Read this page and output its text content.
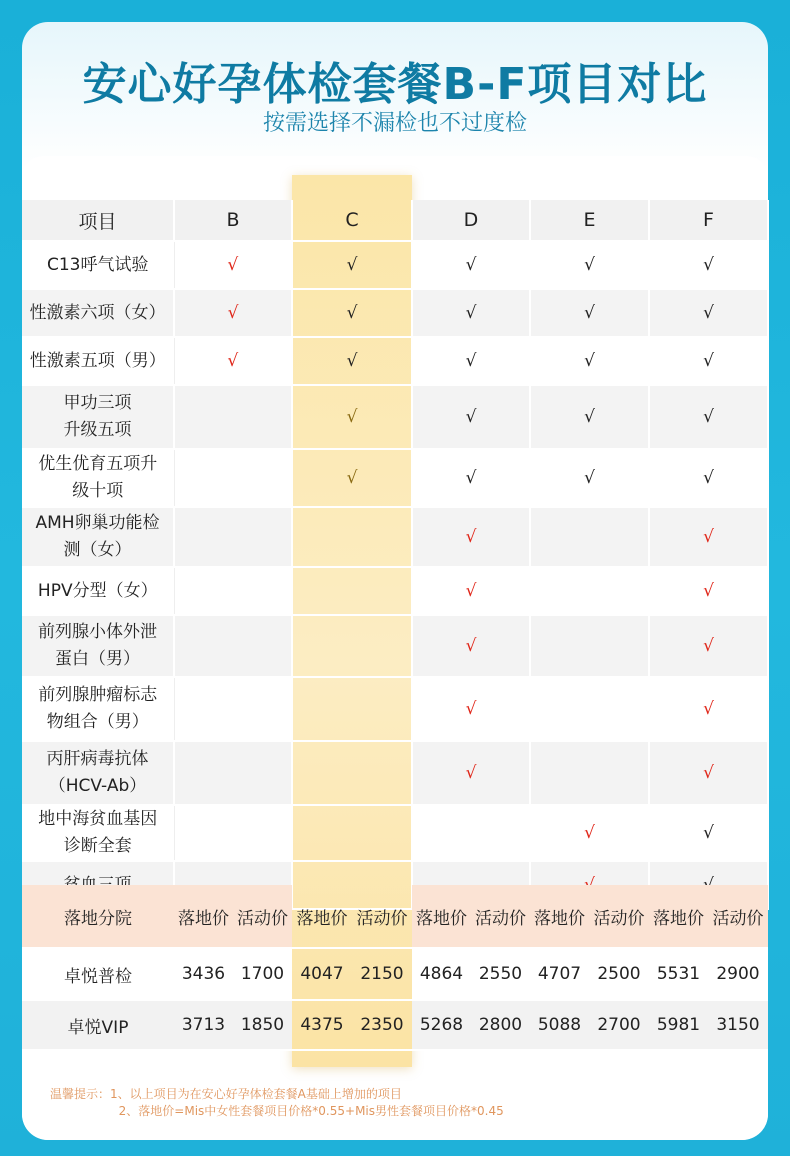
安心好孕体检套餐B-F项目对比
按需选择不漏检也不过度检
项目	B	C	D	E	F
C13呼气试验	√	√	√	√	√
性激素六项（女）	√	√	√	√	√
性激素五项（男）	√	√	√	√	√
甲功三项
升级五项		√	√	√	√
优生优育五项升
级十项		√	√	√	√
AMH卵巢功能检
测（女）			√		√
HPV分型（女）			√		√
前列腺小体外泄
蛋白（男）			√		√
前列腺肿瘤标志
物组合（男）			√		√
丙肝病毒抗体
（HCV-Ab）			√		√
地中海贫血基因
诊断全套				√	√

落地分院	落地价	活动价	落地价	活动价	落地价	活动价	落地价	活动价	落地价	活动价
卓悦普检	3436	1700	4047	2150	4864	2550	4707	2500	5531	2900
卓悦VIP	3713	1850	4375	2350	5268	2800	5088	2700	5981	3150
温馨提示：1、以上项目为在安心好孕体检套餐A基础上增加的项目
2、落地价=Mis中女性套餐项目价格*0.55+Mis男性套餐项目价格*0.45
